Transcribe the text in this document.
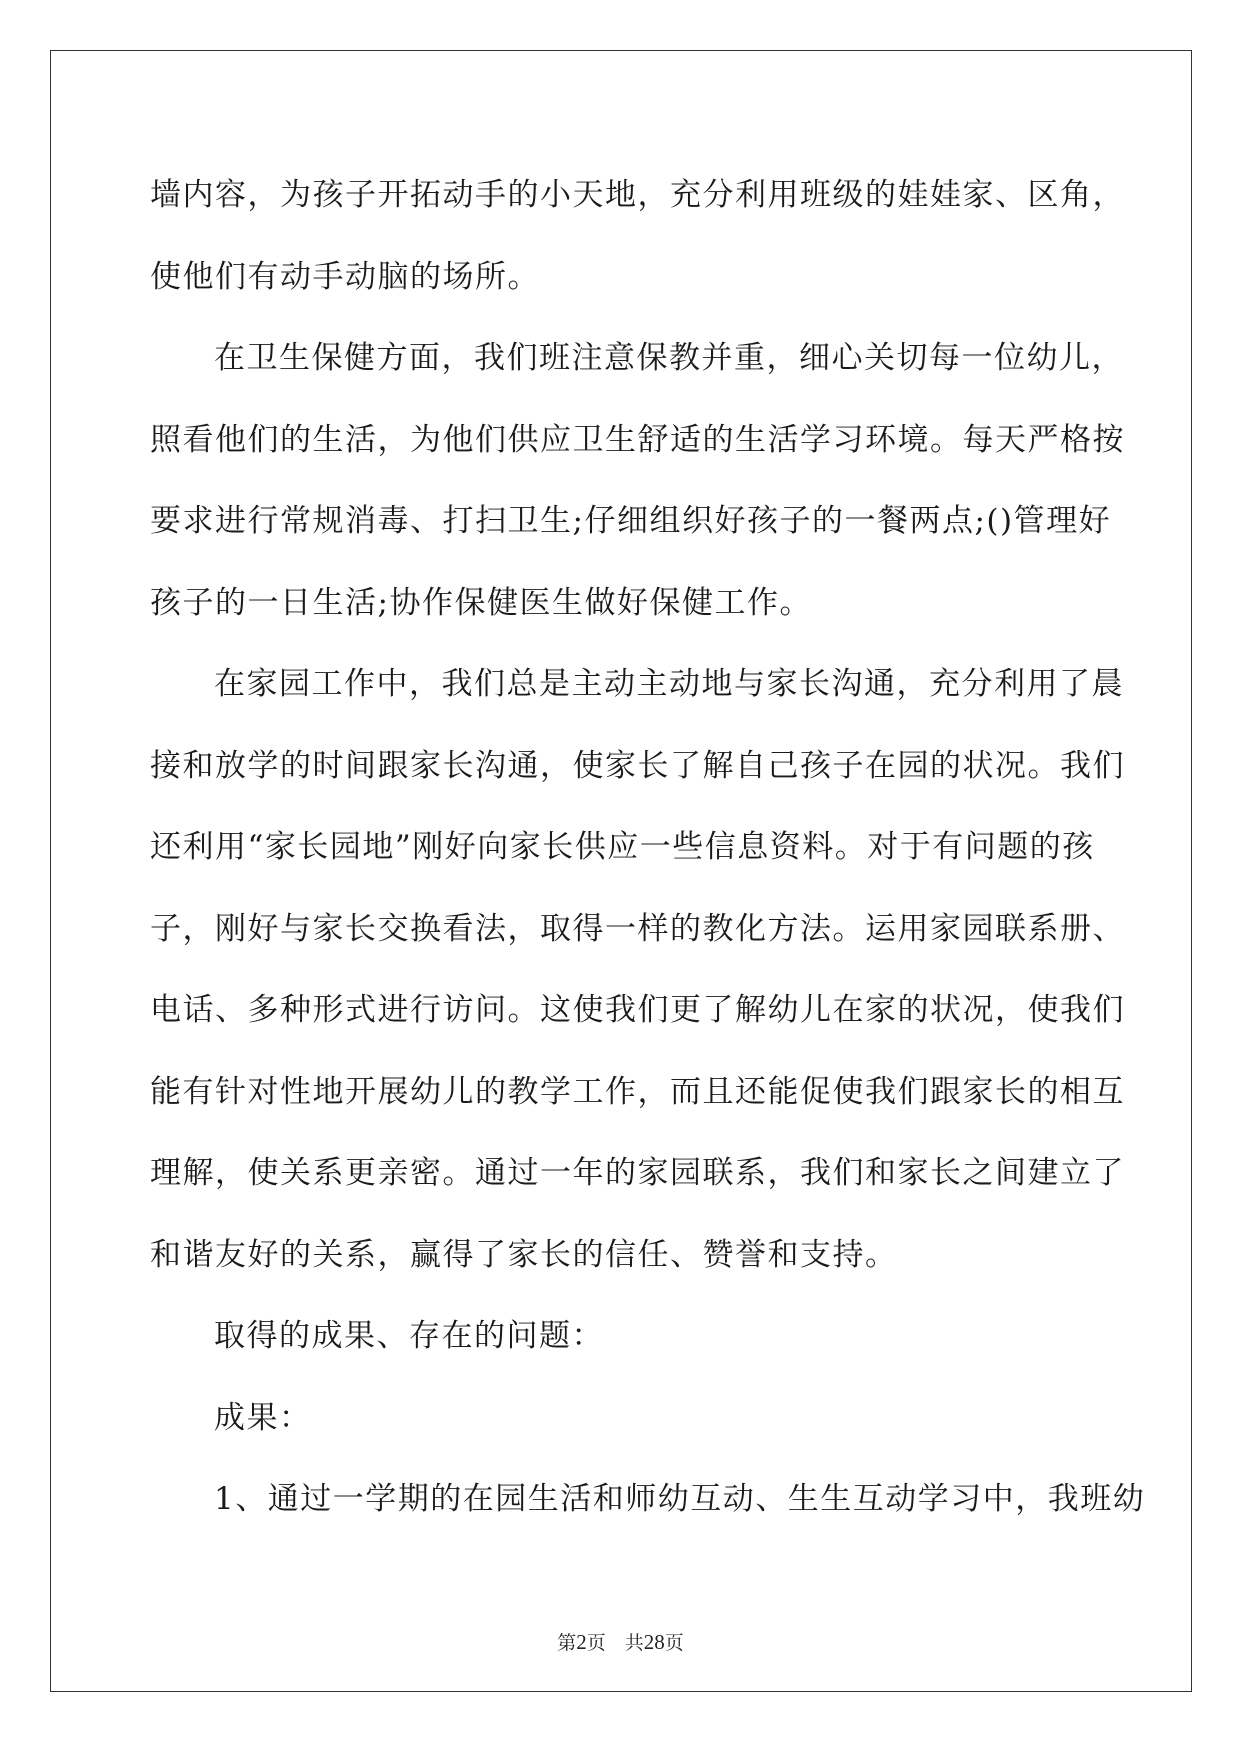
墙内容，为孩子开拓动手的小天地，充分利用班级的娃娃家、区角，
使他们有动手动脑的场所。
在卫生保健方面，我们班注意保教并重，细心关切每一位幼儿，
照看他们的生活，为他们供应卫生舒适的生活学习环境。每天严格按
要求进行常规消毒、打扫卫生;仔细组织好孩子的一餐两点;()管理好
孩子的一日生活;协作保健医生做好保健工作。
在家园工作中，我们总是主动主动地与家长沟通，充分利用了晨
接和放学的时间跟家长沟通，使家长了解自己孩子在园的状况。我们
还利用“家长园地”刚好向家长供应一些信息资料。对于有问题的孩
子，刚好与家长交换看法，取得一样的教化方法。运用家园联系册、
电话、多种形式进行访问。这使我们更了解幼儿在家的状况，使我们
能有针对性地开展幼儿的教学工作，而且还能促使我们跟家长的相互
理解，使关系更亲密。通过一年的家园联系，我们和家长之间建立了
和谐友好的关系，赢得了家长的信任、赞誉和支持。
取得的成果、存在的问题：
成果：
1、通过一学期的在园生活和师幼互动、生生互动学习中，我班幼
第2页　共28页
